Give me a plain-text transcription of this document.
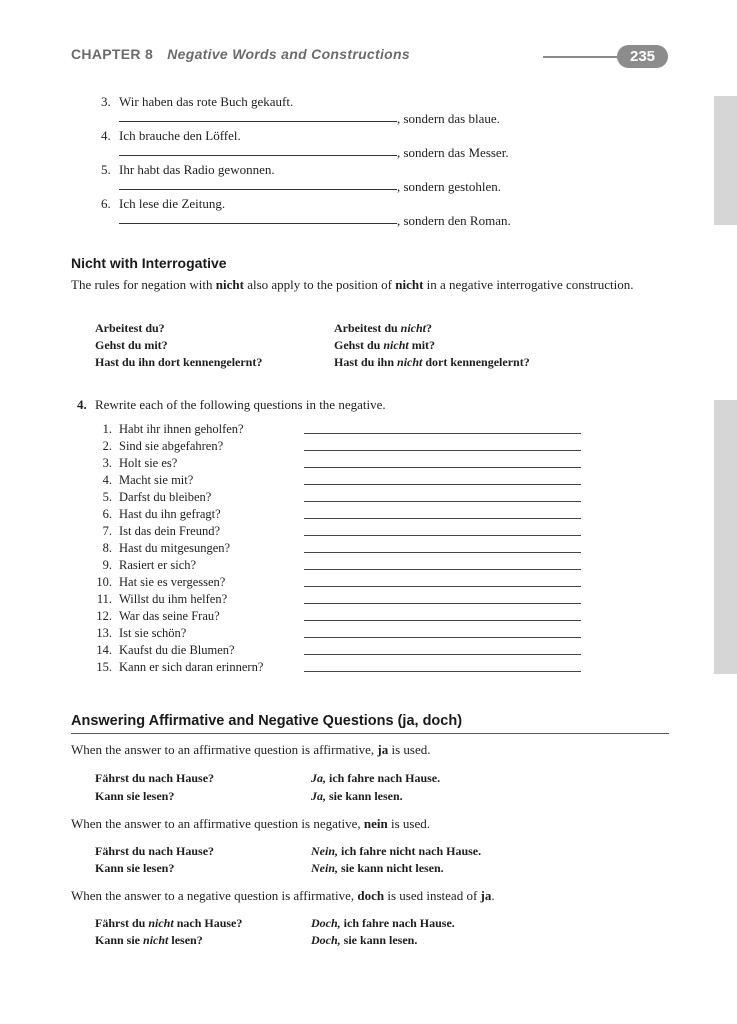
CHAPTER 8 Negative Words and Constructions	235
3. Wir haben das rote Buch gekauft.
, sondern das blaue.
4. Ich brauche den Löffel.
, sondern das Messer.
5. Ihr habt das Radio gewonnen.
, sondern gestohlen.
6. Ich lese die Zeitung.
, sondern den Roman.
Nicht with Interrogative
The rules for negation with nicht also apply to the position of nicht in a negative interrogative construction.
Arbeitest du?	Arbeitest du nicht?
Gehst du mit?	Gehst du nicht mit?
Hast du ihn dort kennengelernt?	Hast du ihn nicht dort kennengelernt?
4. Rewrite each of the following questions in the negative.
1. Habt ihr ihnen geholfen?
2. Sind sie abgefahren?
3. Holt sie es?
4. Macht sie mit?
5. Darfst du bleiben?
6. Hast du ihn gefragt?
7. Ist das dein Freund?
8. Hast du mitgesungen?
9. Rasiert er sich?
10. Hat sie es vergessen?
11. Willst du ihm helfen?
12. War das seine Frau?
13. Ist sie schön?
14. Kaufst du die Blumen?
15. Kann er sich daran erinnern?
Answering Affirmative and Negative Questions (ja, doch)
When the answer to an affirmative question is affirmative, ja is used.
Fährst du nach Hause?	Ja, ich fahre nach Hause.
Kann sie lesen?	Ja, sie kann lesen.
When the answer to an affirmative question is negative, nein is used.
Fährst du nach Hause?	Nein, ich fahre nicht nach Hause.
Kann sie lesen?	Nein, sie kann nicht lesen.
When the answer to a negative question is affirmative, doch is used instead of ja.
Fährst du nicht nach Hause?	Doch, ich fahre nach Hause.
Kann sie nicht lesen?	Doch, sie kann lesen.
